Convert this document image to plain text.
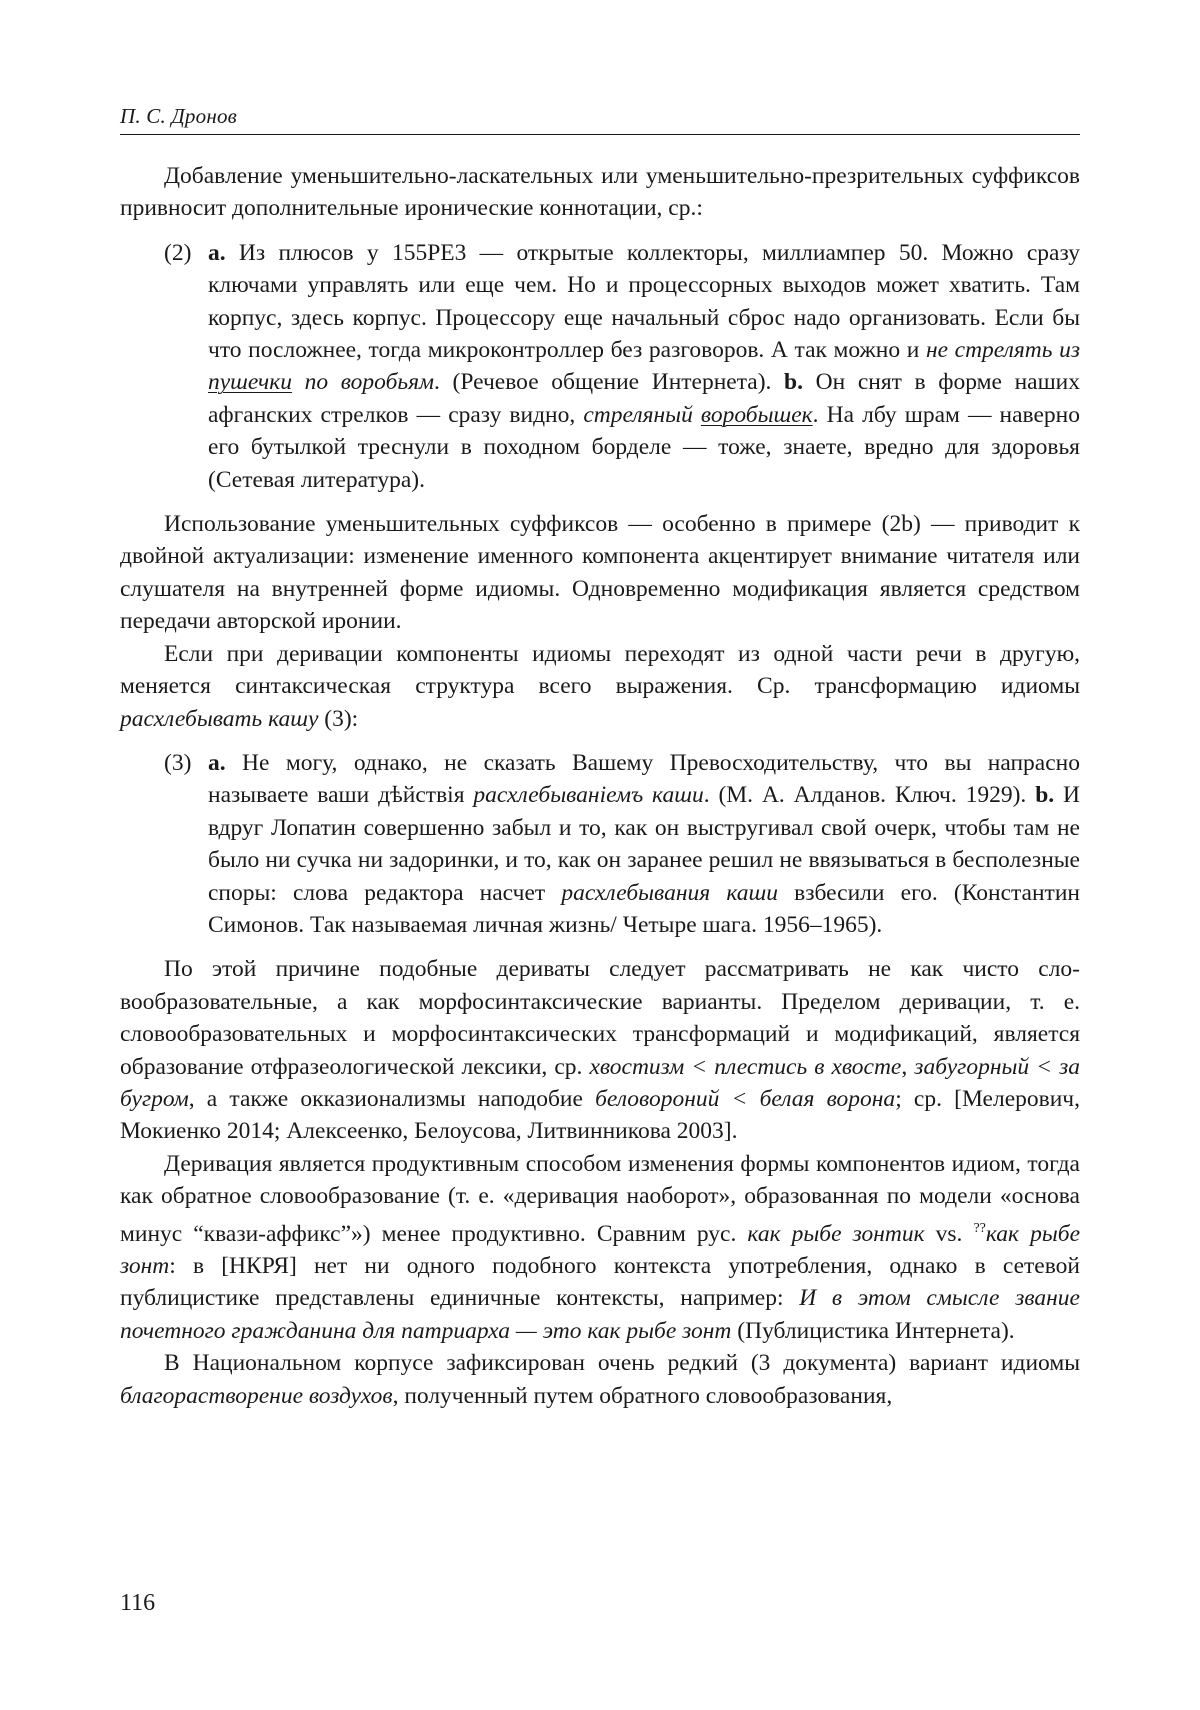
П. С. Дронов

Добавление уменьшительно-ласкательных или уменьшительно-презрительных суффиксов привносит дополнительные иронические коннотации, ср.:

(2) a. Из плюсов у 155РЕ3 — открытые коллекторы, миллиампер 50. Можно сразу ключами управлять или еще чем. Но и процессорных выходов может хватить. Там корпус, здесь корпус. Процессору еще начальный сброс надо организовать. Если бы что посложнее, тогда микроконтроллер без разговоров. А так можно и не стрелять из пушечки по воробьям. (Речевое общение Интернета). b. Он снят в форме наших афганских стрелков — сразу видно, стреляный воробышек. На лбу шрам — наверно его бутылкой треснули в походном борделе — тоже, знаете, вредно для здоровья (Сетевая литература).

Использование уменьшительных суффиксов — особенно в примере (2b) — приводит к двойной актуализации: изменение именного компонента акцентирует внимание читателя или слушателя на внутренней форме идиомы. Одновременно модификация является средством передачи авторской иронии.

Если при деривации компоненты идиомы переходят из одной части речи в другую, меняется синтаксическая структура всего выражения. Ср. трансформацию идиомы расхлебывать кашу (3):

(3) a. Не могу, однако, не сказать Вашему Превосходительству, что вы напрасно называете ваши дѣйствія расхлебываніемъ каши. (М. А. Алданов. Ключ. 1929). b. И вдруг Лопатин совершенно забыл и то, как он выстругивал свой очерк, чтобы там не было ни сучка ни задоринки, и то, как он заранее решил не ввязываться в бесполезные споры: слова редактора насчет расхлебывания каши взбесили его. (Константин Симонов. Так называемая личная жизнь/ Четыре шага. 1956–1965).

По этой причине подобные дериваты следует рассматривать не как чисто словообразовательные, а как морфосинтаксические варианты. Пределом деривации, т. е. словообразовательных и морфосинтаксических трансформаций и модификаций, является образование отфразеологической лексики, ср. хвостизм < плестись в хвосте, забугорный < за бугром, а также окказионализмы наподобие беловороний < белая ворона; ср. [Мелерович, Мокиенко 2014; Алексеенко, Белоусова, Литвинникова 2003].

Деривация является продуктивным способом изменения формы компонентов идиом, тогда как обратное словообразование (т. е. «деривация наоборот», образованная по модели «основа минус “квази-аффикс”») менее продуктивно. Сравним рус. как рыбе зонтик vs. ??как рыбе зонт: в [НКРЯ] нет ни одного подобного контекста употребления, однако в сетевой публицистике представлены единичные контексты, например: И в этом смысле звание почетного гражданина для патриарха — это как рыбе зонт (Публицистика Интернета).

В Национальном корпусе зафиксирован очень редкий (3 документа) вариант идиомы благорастворение воздухов, полученный путем обратного словообразования,

116
